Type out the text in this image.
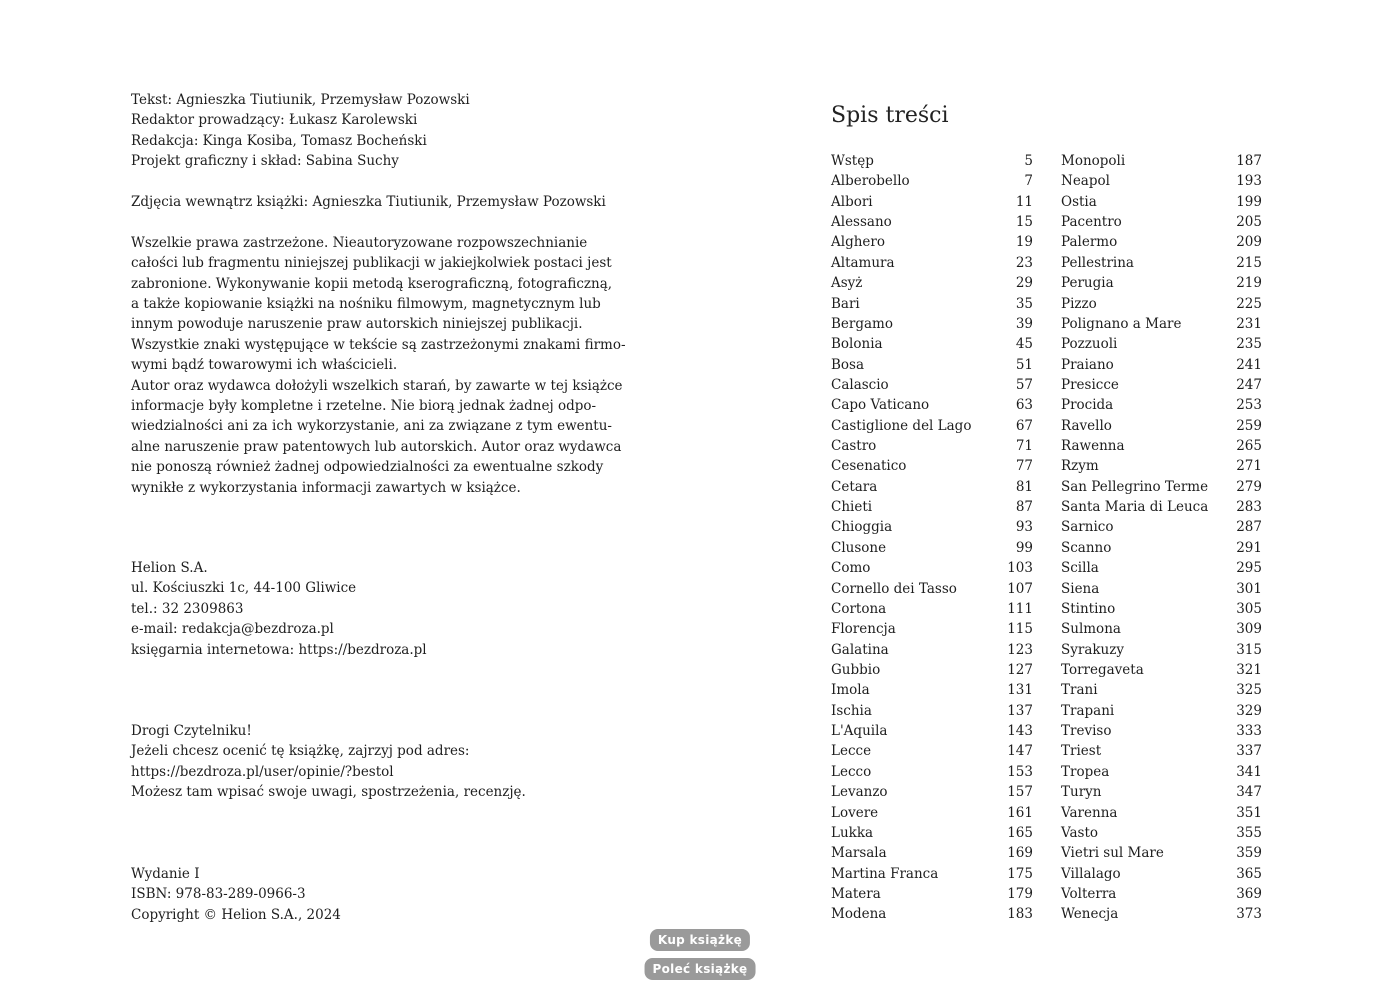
Tekst: Agnieszka Tiutiunik, Przemysław Pozowski
Redaktor prowadzący: Łukasz Karolewski
Redakcja: Kinga Kosiba, Tomasz Bocheński
Projekt graficzny i skład: Sabina Suchy
Zdjęcia wewnątrz książki: Agnieszka Tiutiunik, Przemysław Pozowski
Wszelkie prawa zastrzeżone. Nieautoryzowane rozpowszechnianie
całości lub fragmentu niniejszej publikacji w jakiejkolwiek postaci jest
zabronione. Wykonywanie kopii metodą kserograficzną, fotograficzną,
a także kopiowanie książki na nośniku filmowym, magnetycznym lub
innym powoduje naruszenie praw autorskich niniejszej publikacji.
Wszystkie znaki występujące w tekście są zastrzeżonymi znakami firmo-
wymi bądź towarowymi ich właścicieli.
Autor oraz wydawca dołożyli wszelkich starań, by zawarte w tej książce
informacje były kompletne i rzetelne. Nie biorą jednak żadnej odpo-
wiedzialności ani za ich wykorzystanie, ani za związane z tym ewentu-
alne naruszenie praw patentowych lub autorskich. Autor oraz wydawca
nie ponoszą również żadnej odpowiedzialności za ewentualne szkody
wynikłe z wykorzystania informacji zawartych w książce.
Helion S.A.
ul. Kościuszki 1c, 44-100 Gliwice
tel.: 32 2309863
e-mail: redakcja@bezdroza.pl
księgarnia internetowa: https://bezdroza.pl
Drogi Czytelniku!
Jeżeli chcesz ocenić tę książkę, zajrzyj pod adres:
https://bezdroza.pl/user/opinie/?bestol
Możesz tam wpisać swoje uwagi, spostrzeżenia, recenzję.
Wydanie I
ISBN: 978-83-289-0966-3
Copyright © Helion S.A., 2024
Spis treści
Wstęp	5
Alberobello	7
Albori	11
Alessano	15
Alghero	19
Altamura	23
Asyż	29
Bari	35
Bergamo	39
Bolonia	45
Bosa	51
Calascio	57
Capo Vaticano	63
Castiglione del Lago	67
Castro	71
Cesenatico	77
Cetara	81
Chieti	87
Chioggia	93
Clusone	99
Como	103
Cornello dei Tasso	107
Cortona	111
Florencja	115
Galatina	123
Gubbio	127
Imola	131
Ischia	137
L'Aquila	143
Lecce	147
Lecco	153
Levanzo	157
Lovere	161
Lukka	165
Marsala	169
Martina Franca	175
Matera	179
Modena	183
Monopoli	187
Neapol	193
Ostia	199
Pacentro	205
Palermo	209
Pellestrina	215
Perugia	219
Pizzo	225
Polignano a Mare	231
Pozzuoli	235
Praiano	241
Presicce	247
Procida	253
Ravello	259
Rawenna	265
Rzym	271
San Pellegrino Terme 279
Santa Maria di Leuca 283
Sarnico	287
Scanno	291
Scilla	295
Siena	301
Stintino	305
Sulmona	309
Syrakuzy	315
Torregaveta	321
Trani	325
Trapani	329
Treviso	333
Triest	337
Tropea	341
Turyn	347
Varenna	351
Vasto	355
Vietri sul Mare	359
Villalago	365
Volterra	369
Wenecja	373
Kup książkę
Poleć książkę
